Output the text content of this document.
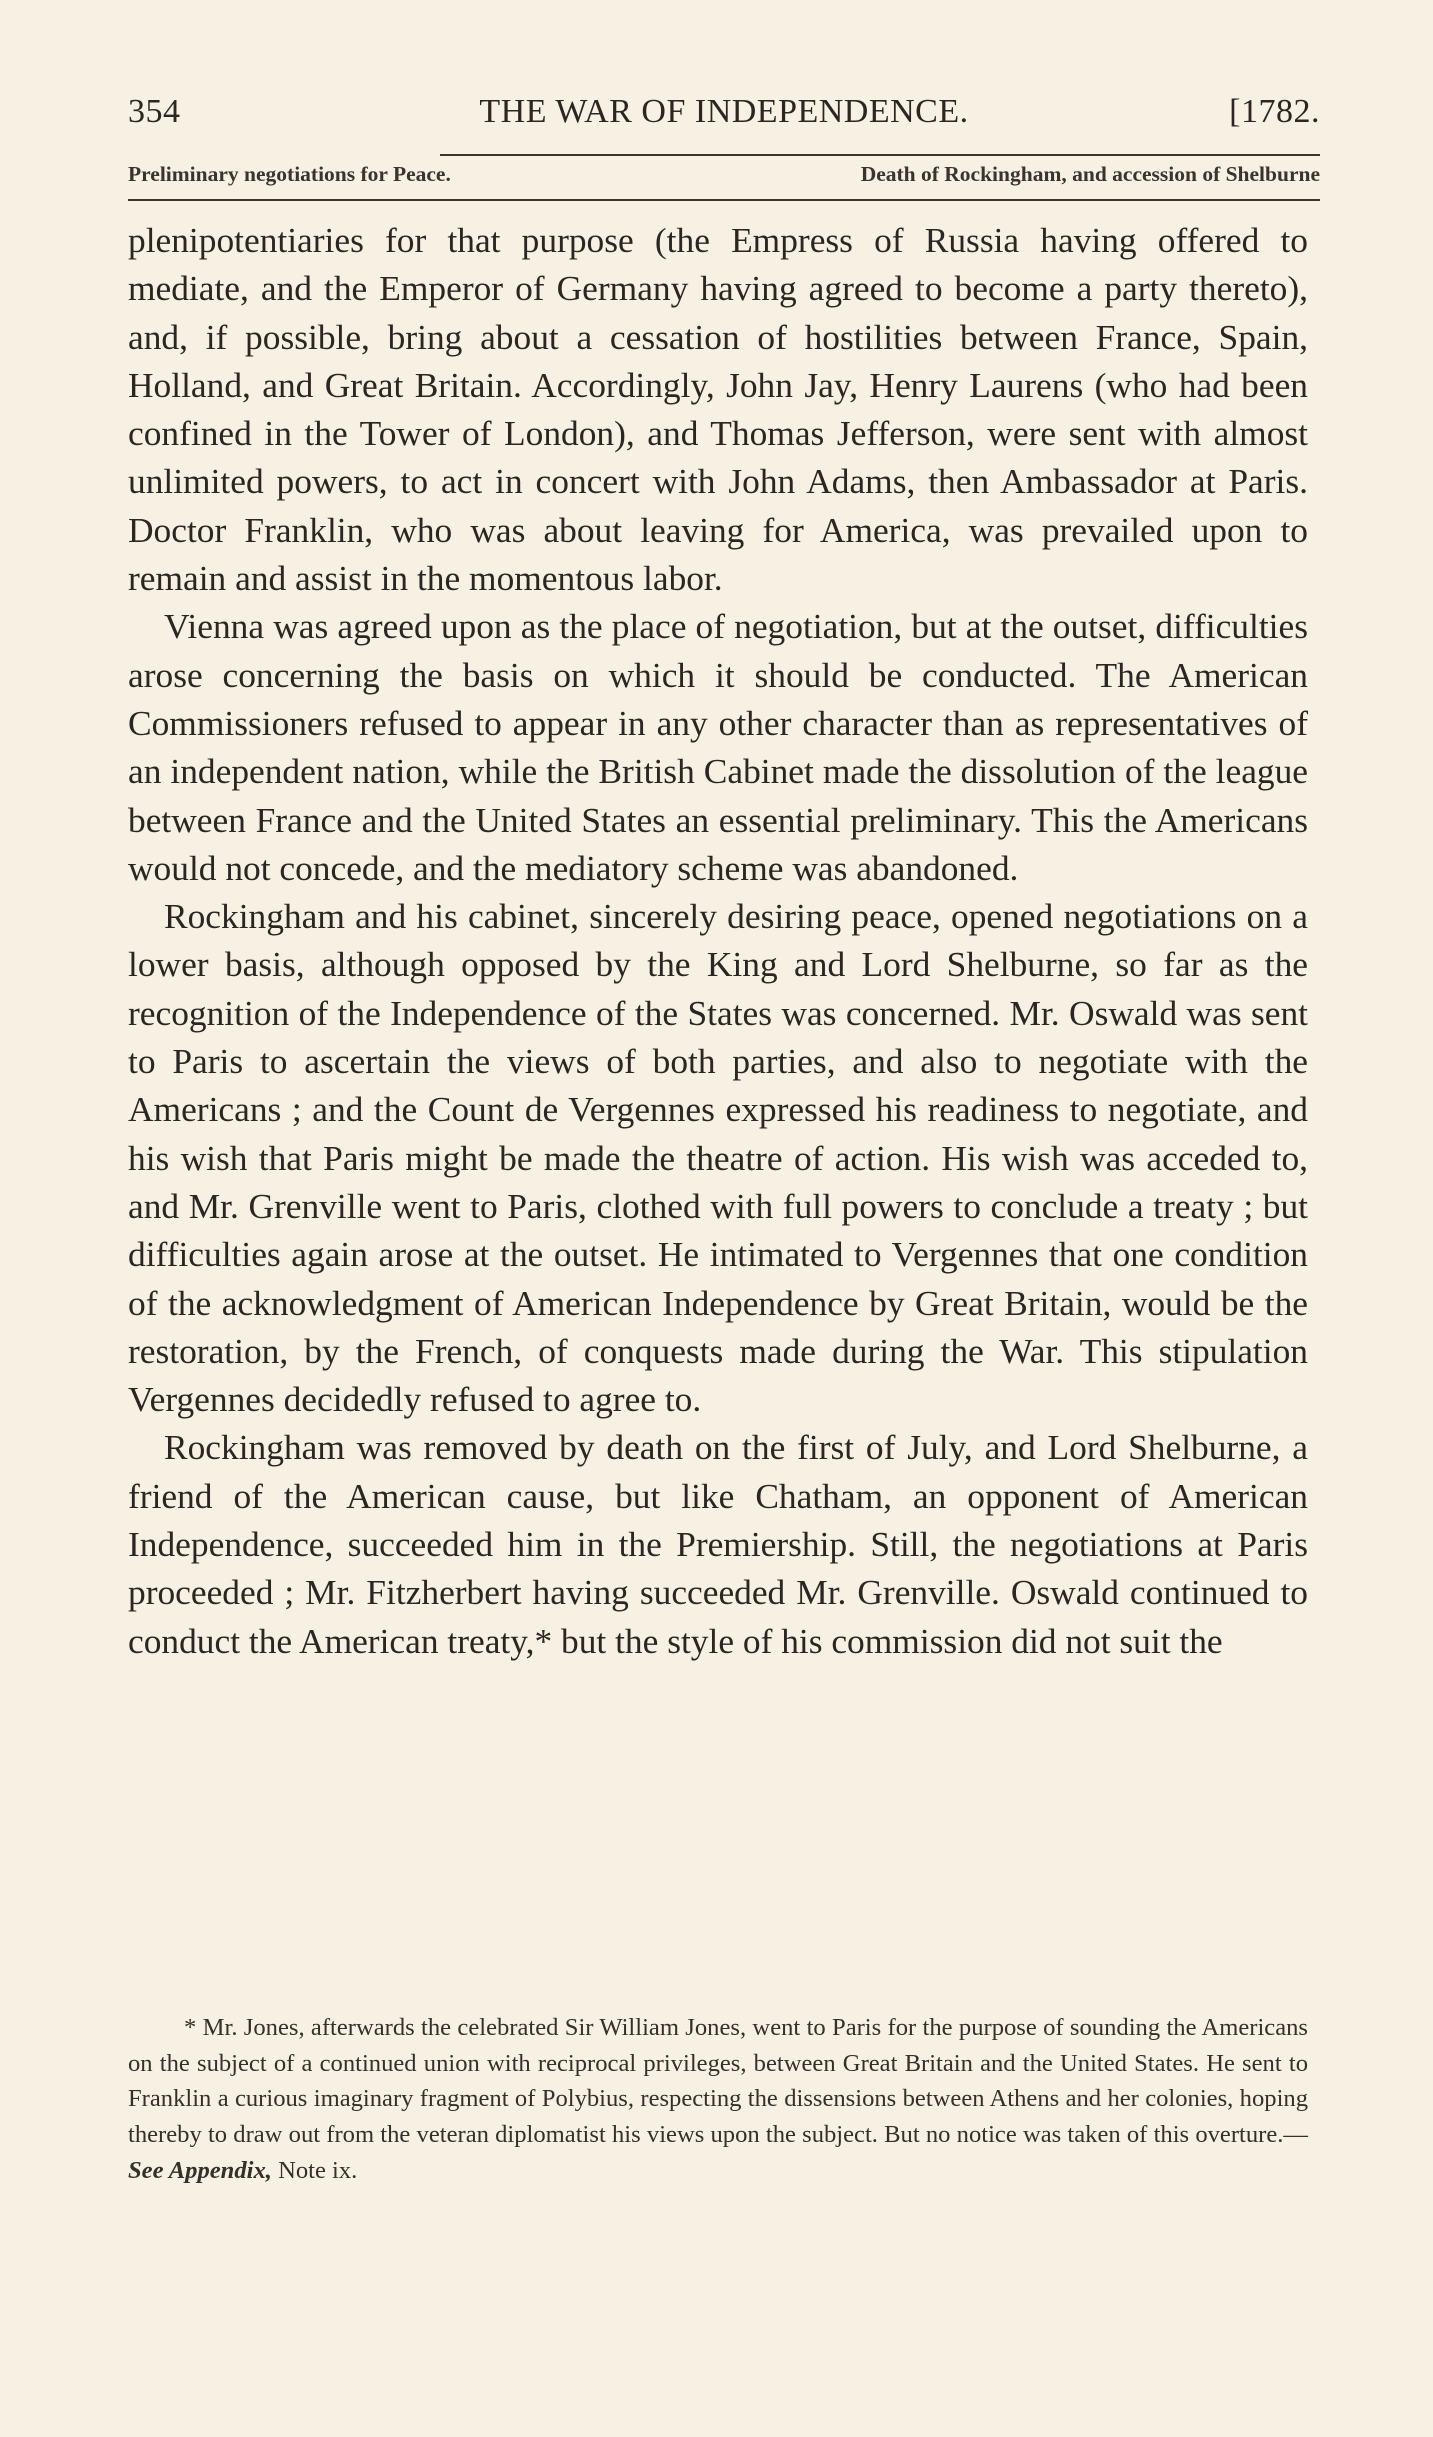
354	THE WAR OF INDEPENDENCE.	[1782.
Preliminary negotiations for Peace.	Death of Rockingham, and accession of Shelburne

plenipotentiaries for that purpose (the Empress of Russia having offered to mediate, and the Emperor of Germany having agreed to become a party thereto), and, if possible, bring about a cessation of hostilities between France, Spain, Holland, and Great Britain. Accordingly, John Jay, Henry Laurens (who had been confined in the Tower of London), and Thomas Jefferson, were sent with almost unlimited powers, to act in concert with John Adams, then Ambassador at Paris. Doctor Franklin, who was about leaving for America, was prevailed upon to remain and assist in the momentous labor.

Vienna was agreed upon as the place of negotiation, but at the outset, difficulties arose concerning the basis on which it should be conducted. The American Commissioners refused to appear in any other character than as representatives of an independent nation, while the British Cabinet made the dissolution of the league between France and the United States an essential preliminary. This the Americans would not concede, and the mediatory scheme was abandoned.

Rockingham and his cabinet, sincerely desiring peace, opened negotiations on a lower basis, although opposed by the King and Lord Shelburne, so far as the recognition of the Independence of the States was concerned. Mr. Oswald was sent to Paris to ascertain the views of both parties, and also to negotiate with the Americans ; and the Count de Vergennes expressed his readiness to negotiate, and his wish that Paris might be made the theatre of action. His wish was acceded to, and Mr. Grenville went to Paris, clothed with full powers to conclude a treaty ; but difficulties again arose at the outset. He intimated to Vergennes that one condition of the acknowledgment of American Independence by Great Britain, would be the restoration, by the French, of conquests made during the War. This stipulation Vergennes decidedly refused to agree to.

Rockingham was removed by death on the first of July, and Lord Shelburne, a friend of the American cause, but like Chatham, an opponent of American Independence, succeeded him in the Premiership. Still, the negotiations at Paris proceeded ; Mr. Fitzherbert having succeeded Mr. Grenville. Oswald continued to conduct the American treaty,* but the style of his commission did not suit the

* Mr. Jones, afterwards the celebrated Sir William Jones, went to Paris for the purpose of sounding the Americans on the subject of a continued union with reciprocal privileges, between Great Britain and the United States. He sent to Franklin a curious imaginary fragment of Polybius, respecting the dissensions between Athens and her colonies, hoping thereby to draw out from the veteran diplomatist his views upon the subject. But no notice was taken of this overture.—See Appendix, Note ix.
